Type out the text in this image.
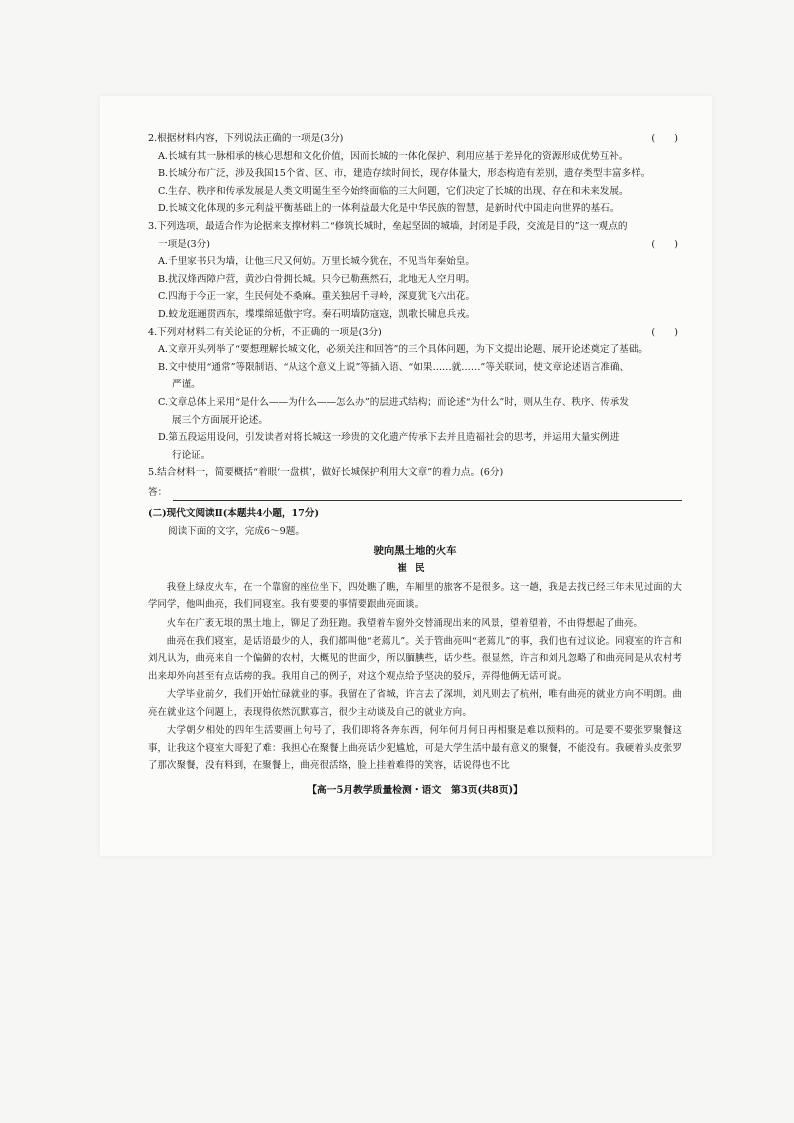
2.根据材料内容，下列说法正确的一项是(3分)	(　　)

A.长城有其一脉相承的核心思想和文化价值，因而长城的一体化保护、利用应基于差异化的资源形成优势互补。

B.长城分布广泛，涉及我国15个省、区、市，建造存续时间长，现存体量大，形态构造有差别，遗存类型丰富多样。

C.生存、秩序和传承发展是人类文明诞生至今始终面临的三大问题，它们决定了长城的出现、存在和未来发展。

D.长城文化体现的多元利益平衡基础上的一体利益最大化是中华民族的智慧，是新时代中国走向世界的基石。

3.下列选项，最适合作为论据来支撑材料二“修筑长城时，垒起坚固的城墙，封闭是手段，交流是目的”这一观点的

一项是(3分)	(　　)

A.千里家书只为墙，让他三尺又何妨。万里长城今犹在，不见当年秦始皇。

B.扰汉烽西障户营，黄沙白骨拥长城。只今已勒燕然石，北地无人空月明。

C.四海于今正一家，生民何处不桑麻。重关独居千寻岭，深夏犹飞六出花。

D.蛟龙逛逦贯西东，堞堞绵延傲宇穹。秦石明墙防寇寇，凯歌长啸息兵戎。

4.下列对材料二有关论证的分析，不正确的一项是(3分)	(　　)

A.文章开头列举了“要想理解长城文化，必须关注和回答”的三个具体问题，为下文提出论题、展开论述奠定了基础。

B.文中使用“通常”等限制语、“从这个意义上说”等插入语、“如果……就……”等关联词，使文章论述语言准确、

严谨。

C.文章总体上采用“是什么——为什么——怎么办”的层进式结构；而论述“为什么”时，则从生存、秩序、传承发

展三个方面展开论述。

D.第五段运用设问，引发读者对将长城这一珍贵的文化遗产传承下去并且造福社会的思考，并运用大量实例进

行论证。

5.结合材料一，简要概括“着眼‘一盘棋’，做好长城保护利用大文章”的着力点。(6分)

答：

(二)现代文阅读Ⅱ(本题共4小题，17分)

阅读下面的文字，完成6～9题。

驶向黑土地的火车
崔民

我登上绿皮火车，在一个靠窗的座位坐下，四处瞧了瞧，车厢里的旅客不是很多。这一趟，我是去找已经三年未见过面的大学同学，他叫曲亮，我们同寝室。我有要要的事情要跟曲亮面谈。

火车在广袤无垠的黑土地上，铆足了劲狂跑。我望着车窗外交替涌现出来的风景，望着望着，不由得想起了曲亮。

曲亮在我们寝室，是话语最少的人，我们都叫他“老蔫儿”。关于管曲亮叫“老蔫儿”的事，我们也有过议论。同寝室的许言和刘凡认为，曲亮来自一个偏僻的农村，大概见的世面少，所以腼腆些，话少些。很显然，许言和刘凡忽略了和曲亮同是从农村考出来却外向甚至有点话痨的我。我用自己的例子，对这个观点给予坚决的驳斥，弄得他俩无话可说。

大学毕业前夕，我们开始忙碌就业的事。我留在了省城，许言去了深圳，刘凡则去了杭州，唯有曲亮的就业方向不明朗。曲亮在就业这个问题上，表现得依然沉默寡言，很少主动谈及自己的就业方向。

大学朝夕相处的四年生活要画上句号了，我们即将各奔东西，何年何月何日再相聚是难以预料的。可是要不要张罗聚餐这事，让我这个寝室大哥犯了难：我担心在聚餐上曲亮话少犯尴尬，可是大学生活中最有意义的聚餐，不能没有。我硬着头皮张罗了那次聚餐，没有料到，在聚餐上，曲亮很活络，脸上挂着难得的笑容，话说得也不比

【高一5月教学质量检测・语文　第3页(共8页)】
